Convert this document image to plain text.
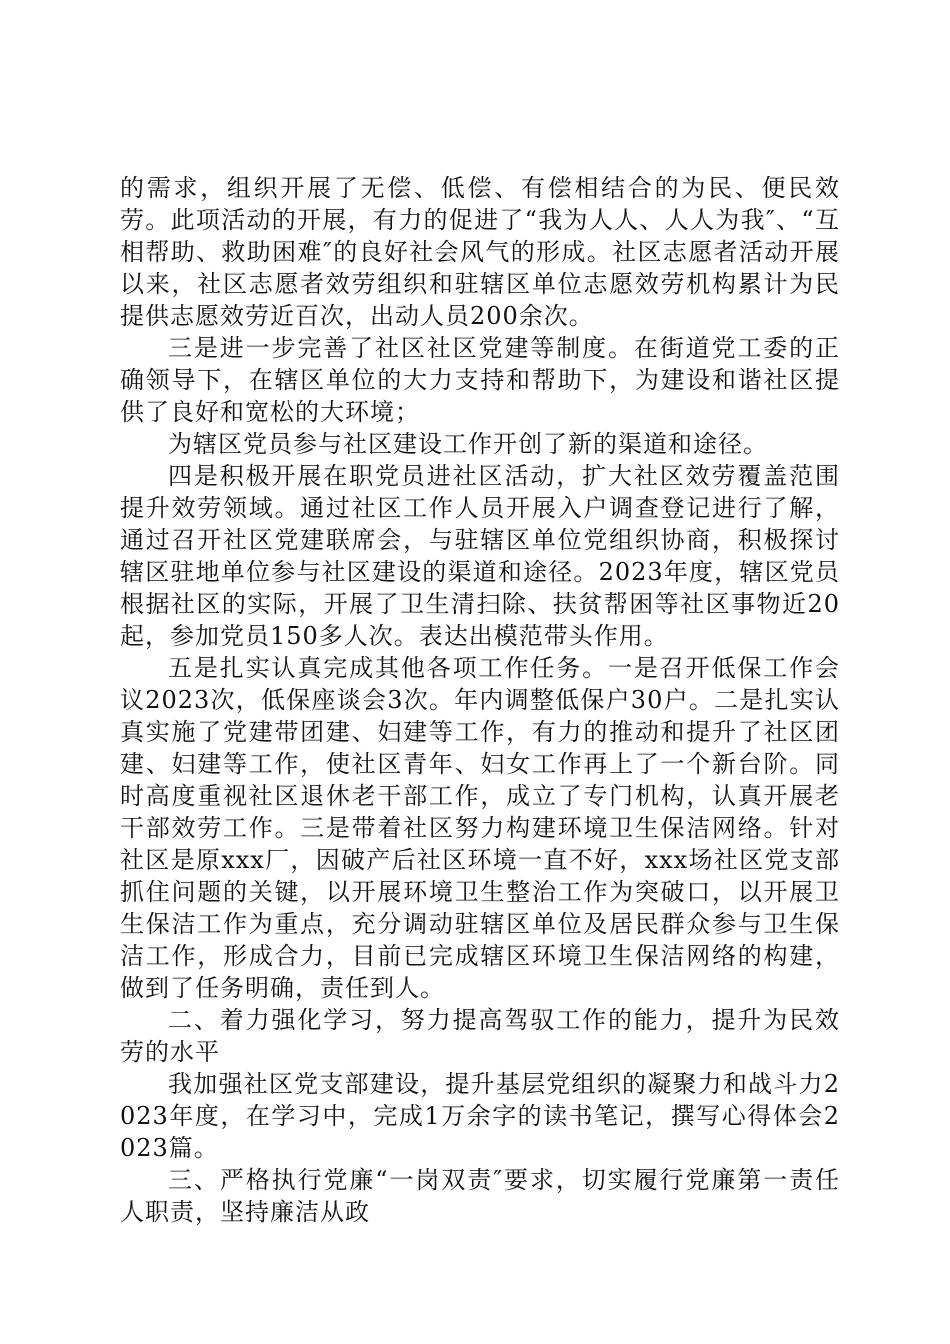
的需求，组织开展了无偿、低偿、有偿相结合的为民、便民效劳。此项活动的开展，有力的促进了“我为人人、人人为我″、“互相帮助、救助困难″的良好社会风气的形成。社区志愿者活动开展以来，社区志愿者效劳组织和驻辖区单位志愿效劳机构累计为民提供志愿效劳近百次，出动人员200余次。

三是进一步完善了社区社区党建等制度。在街道党工委的正确领导下，在辖区单位的大力支持和帮助下，为建设和谐社区提供了良好和宽松的大环境；

为辖区党员参与社区建设工作开创了新的渠道和途径。

四是积极开展在职党员进社区活动，扩大社区效劳覆盖范围提升效劳领域。通过社区工作人员开展入户调查登记进行了解，通过召开社区党建联席会，与驻辖区单位党组织协商，积极探讨辖区驻地单位参与社区建设的渠道和途径。2023年度，辖区党员根据社区的实际，开展了卫生清扫除、扶贫帮困等社区事物近20起，参加党员150多人次。表达出模范带头作用。

五是扎实认真完成其他各项工作任务。一是召开低保工作会议2023次，低保座谈会3次。年内调整低保户30户。二是扎实认真实施了党建带团建、妇建等工作，有力的推动和提升了社区团建、妇建等工作，使社区青年、妇女工作再上了一个新台阶。同时高度重视社区退休老干部工作，成立了专门机构，认真开展老干部效劳工作。三是带着社区努力构建环境卫生保洁网络。针对社区是原xxx厂，因破产后社区环境一直不好，xxx场社区党支部抓住问题的关键，以开展环境卫生整治工作为突破口，以开展卫生保洁工作为重点，充分调动驻辖区单位及居民群众参与卫生保洁工作，形成合力，目前已完成辖区环境卫生保洁网络的构建，做到了任务明确，责任到人。

二、着力强化学习，努力提高驾驭工作的能力，提升为民效劳的水平

我加强社区党支部建设，提升基层党组织的凝聚力和战斗力2023年度，在学习中，完成1万余字的读书笔记，撰写心得体会2023篇。

三、严格执行党廉“一岗双责″要求，切实履行党廉第一责任人职责，坚持廉洁从政
